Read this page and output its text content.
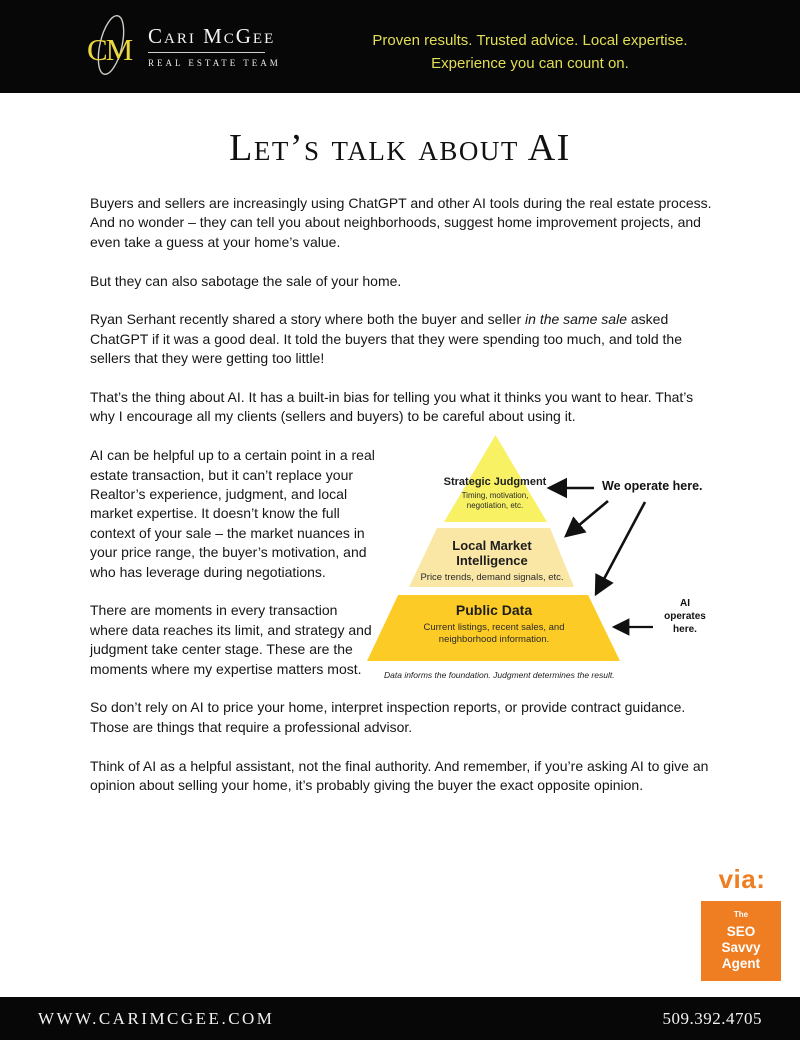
CM Cari McGee
REAL ESTATE TEAM
Proven results. Trusted advice. Local expertise.
Experience you can count on.
Let’s talk about AI

Buyers and sellers are increasingly using ChatGPT and other AI tools during the real estate process. And no wonder – they can tell you about neighborhoods, suggest home improvement projects, and even take a guess at your home’s value.

But they can also sabotage the sale of your home.

Ryan Serhant recently shared a story where both the buyer and seller in the same sale asked ChatGPT if it was a good deal. It told the buyers that they were spending too much, and told the sellers that they were getting too little!

That’s the thing about AI. It has a built-in bias for telling you what it thinks you want to hear. That’s why I encourage all my clients (sellers and buyers) to be careful about using it.

AI can be helpful up to a certain point in a real estate transaction, but it can’t replace your Realtor’s experience, judgment, and local market expertise. It doesn’t know the full context of your sale – the market nuances in your price range, the buyer’s motivation, and who has leverage during negotiations.

There are moments in every transaction where data reaches its limit, and strategy and judgment take center stage. These are the moments where my expertise matters most.

So don’t rely on AI to price your home, interpret inspection reports, or provide contract guidance. Those are things that require a professional advisor.

Think of AI as a helpful assistant, not the final authority. And remember, if you’re asking AI to give an opinion about selling your home, it’s probably giving the buyer the exact opposite opinion.

Strategic Judgment
Timing, motivation, negotiation, etc.
Local Market Intelligence
Price trends, demand signals, etc.
Public Data
Current listings, recent sales, and neighborhood information.
We operate here.
AI operates here.
Data informs the foundation. Judgment determines the result.
via:
The
SEO Savvy Agent
WWW.CARIMCGEE.COM	509.392.4705
